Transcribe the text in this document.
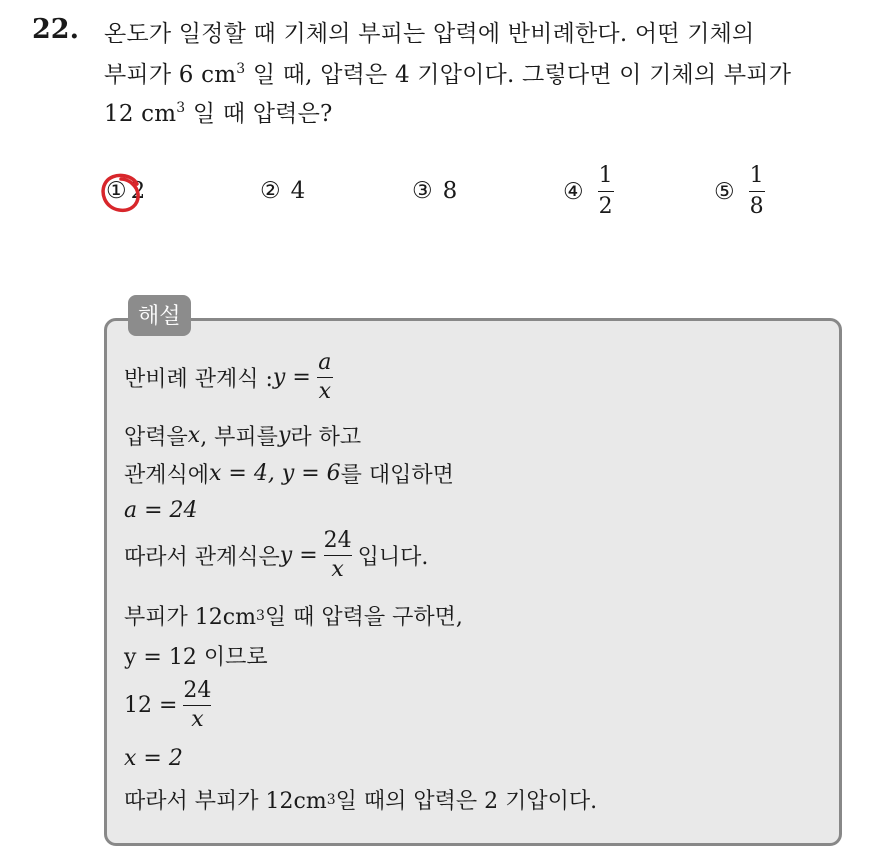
22. 온도가 일정할 때 기체의 부피는 압력에 반비례한다. 어떤 기체의
부피가 6 $cm^3$ 일 때, 압력은 4 기압이다. 그렇다면 이 기체의 부피가
12 $cm^3$ 일 때 압력은?
① 2	② 4	③ 8	④ $\frac{1}{2}$	⑤ $\frac{1}{8}$
해설
반비례 관계식 : y =
a
x
압력을 x , 부피를 y 라 하고
관계식에 x = 4, y = 6 를 대입하면
a = 24
따라서 관계식은 y =
24
x 입니다.
부피가 12cm 3 일 때 압력을 구하면,
y = 12 이므로
12 =
24
x
x = 2
따라서 부피가 12cm 3 일 때의 압력은 2 기압이다.
